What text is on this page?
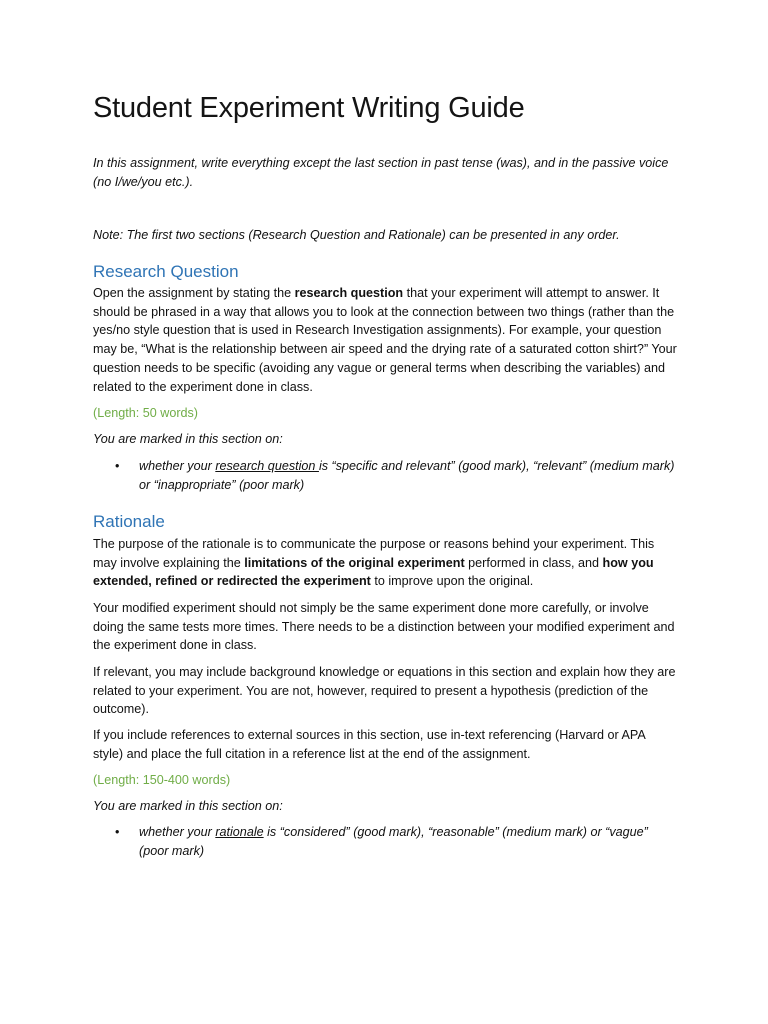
Student Experiment Writing Guide

In this assignment, write everything except the last section in past tense (was), and in the passive voice (no I/we/you etc.).

Note: The first two sections (Research Question and Rationale) can be presented in any order.

Research Question

Open the assignment by stating the research question that your experiment will attempt to answer. It should be phrased in a way that allows you to look at the connection between two things (rather than the yes/no style question that is used in Research Investigation assignments). For example, your question may be, “What is the relationship between air speed and the drying rate of a saturated cotton shirt?” Your question needs to be specific (avoiding any vague or general terms when describing the variables) and related to the experiment done in class.

(Length: 50 words)

You are marked in this section on:

•	whether your research question is “specific and relevant” (good mark), “relevant” (medium mark) or “inappropriate” (poor mark)
Rationale

The purpose of the rationale is to communicate the purpose or reasons behind your experiment. This may involve explaining the limitations of the original experiment performed in class, and how you extended, refined or redirected the experiment to improve upon the original.

Your modified experiment should not simply be the same experiment done more carefully, or involve doing the same tests more times. There needs to be a distinction between your modified experiment and the experiment done in class.

If relevant, you may include background knowledge or equations in this section and explain how they are related to your experiment. You are not, however, required to present a hypothesis (prediction of the outcome).

If you include references to external sources in this section, use in-text referencing (Harvard or APA style) and place the full citation in a reference list at the end of the assignment.

(Length: 150-400 words)

You are marked in this section on:

•	whether your rationale is “considered” (good mark), “reasonable” (medium mark) or “vague” (poor mark)
